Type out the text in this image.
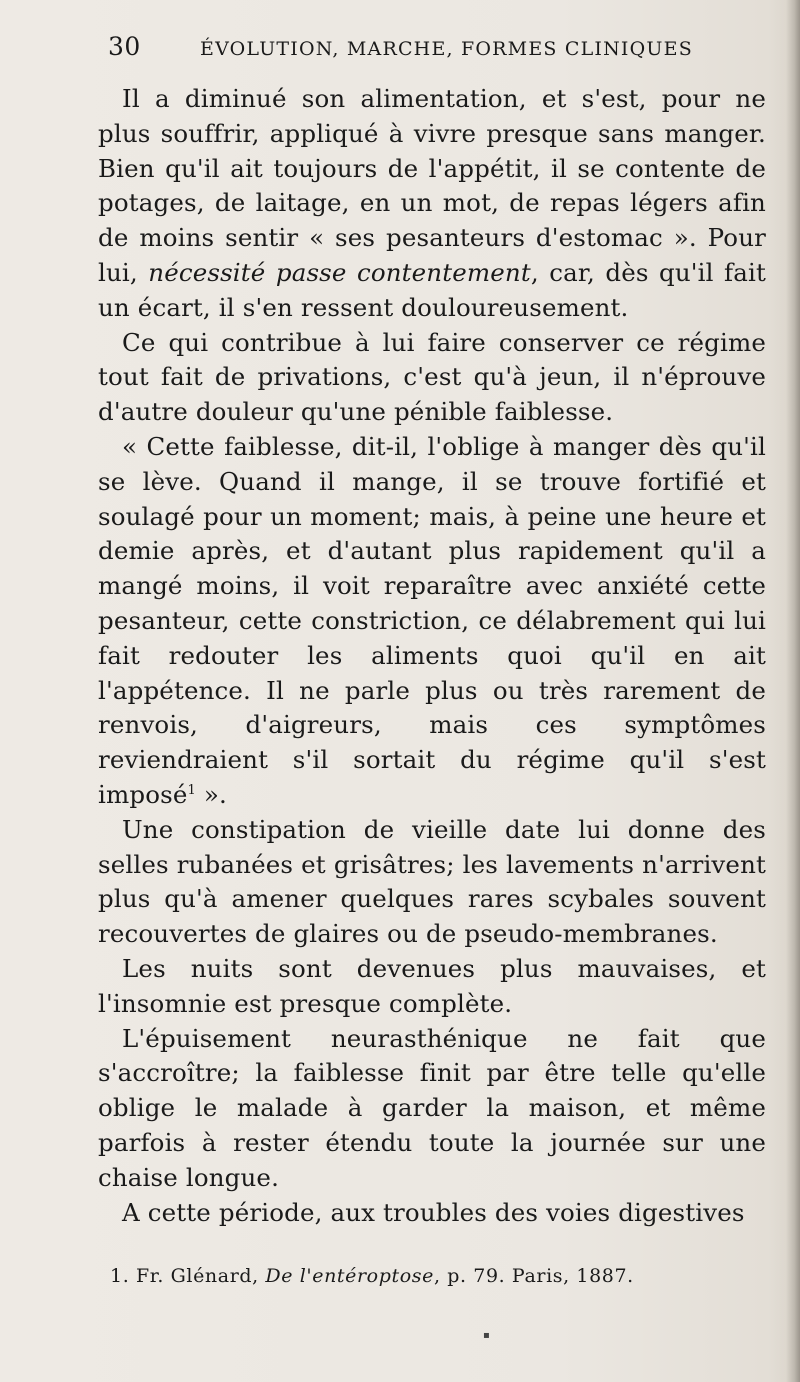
30	ÉVOLUTION, MARCHE, FORMES CLINIQUES

Il a diminué son alimentation, et s'est, pour ne plus souffrir, appliqué à vivre presque sans manger. Bien qu'il ait toujours de l'appétit, il se contente de potages, de laitage, en un mot, de repas légers afin de moins sentir « ses pesanteurs d'estomac ». Pour lui, nécessité passe contentement, car, dès qu'il fait un écart, il s'en ressent douloureusement.

Ce qui contribue à lui faire conserver ce régime tout fait de privations, c'est qu'à jeun, il n'éprouve d'autre douleur qu'une pénible faiblesse.

« Cette faiblesse, dit-il, l'oblige à manger dès qu'il se lève. Quand il mange, il se trouve fortifié et soulagé pour un moment; mais, à peine une heure et demie après, et d'autant plus rapidement qu'il a mangé moins, il voit reparaître avec anxiété cette pesanteur, cette constriction, ce délabrement qui lui fait redouter les aliments quoi qu'il en ait l'appétence. Il ne parle plus ou très rarement de renvois, d'aigreurs, mais ces symptômes reviendraient s'il sortait du régime qu'il s'est imposé$^1$ ».

Une constipation de vieille date lui donne des selles rubanées et grisâtres; les lavements n'arrivent plus qu'à amener quelques rares scybales souvent recouvertes de glaires ou de pseudo-membranes.

Les nuits sont devenues plus mauvaises, et l'insomnie est presque complète.

L'épuisement neurasthénique ne fait que s'accroître; la faiblesse finit par être telle qu'elle oblige le malade à garder la maison, et même parfois à rester étendu toute la journée sur une chaise longue.

A cette période, aux troubles des voies digestives

1. Fr. Glénard, De l'entéroptose, p. 79. Paris, 1887.
▪
